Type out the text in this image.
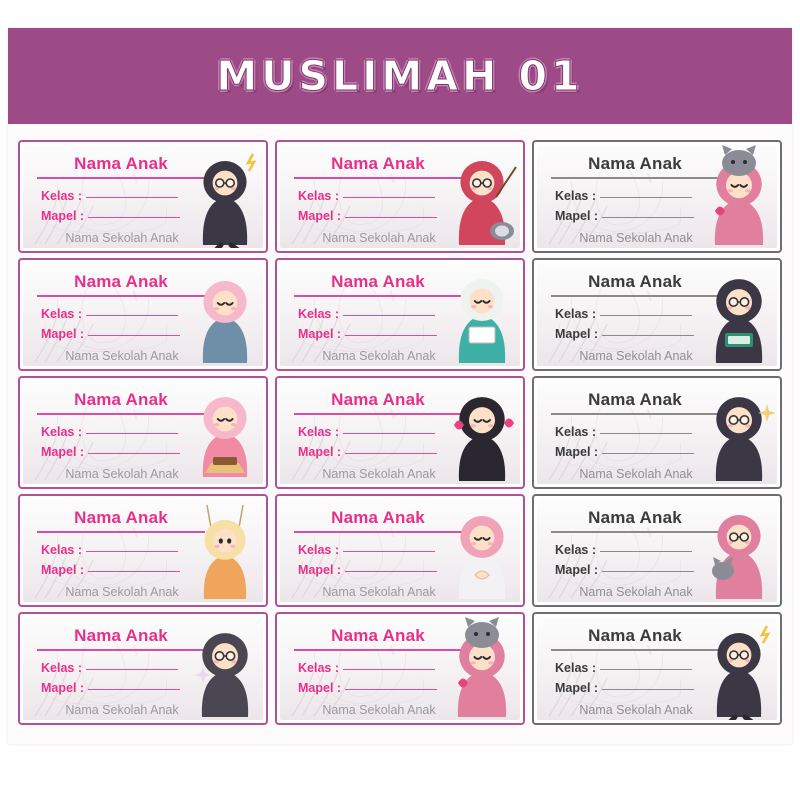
MUSLIMAH 01
Nama Anak
Kelas :
Mapel :
Nama Sekolah Anak
Nama Anak
Kelas :
Mapel :
Nama Sekolah Anak
Nama Anak
Kelas :
Mapel :
Nama Sekolah Anak
Nama Anak
Kelas :
Mapel :
Nama Sekolah Anak
Nama Anak
Kelas :
Mapel :
Nama Sekolah Anak
Nama Anak
Kelas :
Mapel :
Nama Sekolah Anak
Nama Anak
Kelas :
Mapel :
Nama Sekolah Anak
Nama Anak
Kelas :
Mapel :
Nama Sekolah Anak
Nama Anak
Kelas :
Mapel :
Nama Sekolah Anak
Nama Anak
Kelas :
Mapel :
Nama Sekolah Anak
Nama Anak
Kelas :
Mapel :
Nama Sekolah Anak
Nama Anak
Kelas :
Mapel :
Nama Sekolah Anak
Nama Anak
Kelas :
Mapel :
Nama Sekolah Anak
Nama Anak
Kelas :
Mapel :
Nama Sekolah Anak
Nama Anak
Kelas :
Mapel :
Nama Sekolah Anak
